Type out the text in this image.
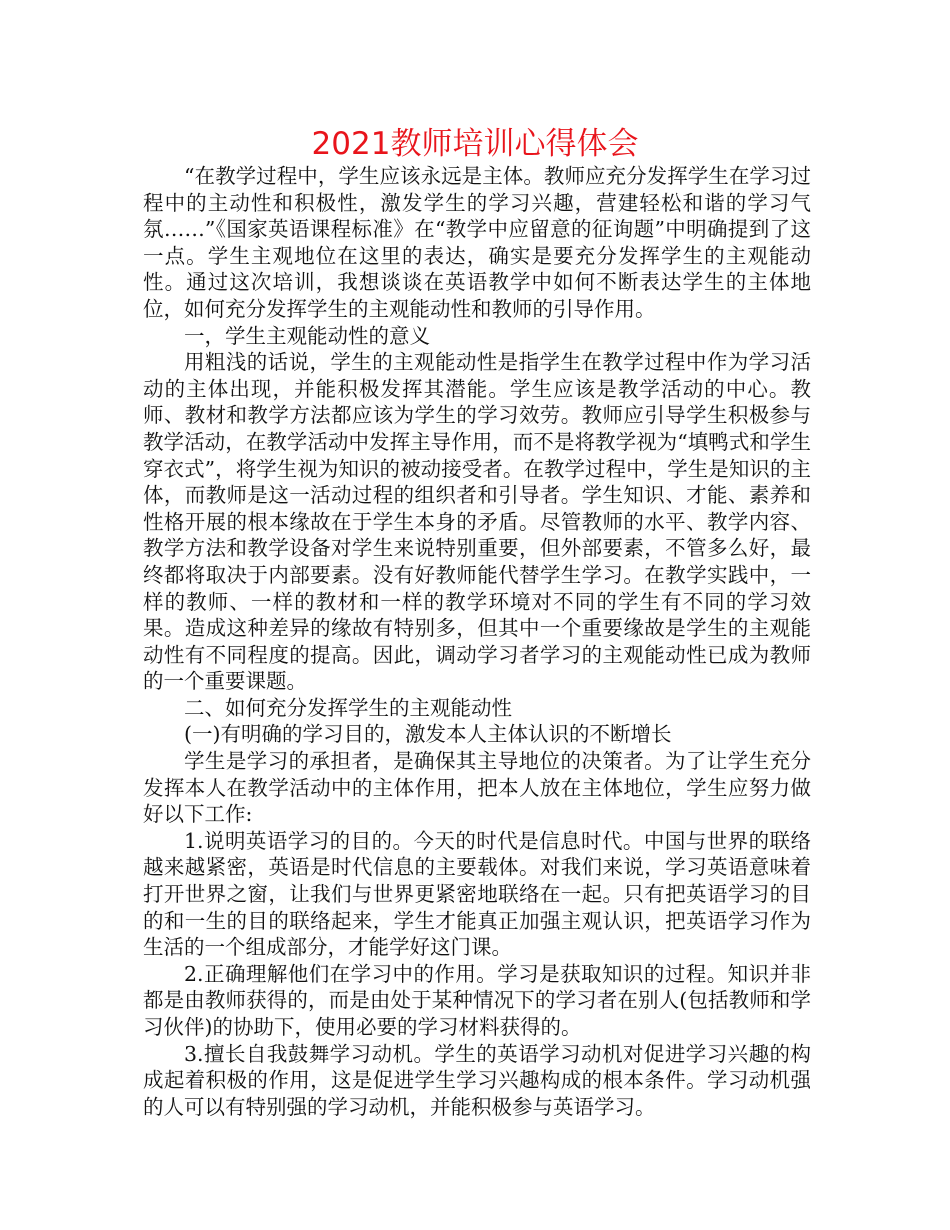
2021教师培训心得体会

“在教学过程中，学生应该永远是主体。教师应充分发挥学生在学习过程中的主动性和积极性，激发学生的学习兴趣，营建轻松和谐的学习气氛……”《国家英语课程标准》在“教学中应留意的征询题”中明确提到了这一点。学生主观地位在这里的表达，确实是要充分发挥学生的主观能动性。通过这次培训，我想谈谈在英语教学中如何不断表达学生的主体地位，如何充分发挥学生的主观能动性和教师的引导作用。

一，学生主观能动性的意义

用粗浅的话说，学生的主观能动性是指学生在教学过程中作为学习活动的主体出现，并能积极发挥其潜能。学生应该是教学活动的中心。教师、教材和教学方法都应该为学生的学习效劳。教师应引导学生积极参与教学活动，在教学活动中发挥主导作用，而不是将教学视为“填鸭式和学生穿衣式”，将学生视为知识的被动接受者。在教学过程中，学生是知识的主体，而教师是这一活动过程的组织者和引导者。学生知识、才能、素养和性格开展的根本缘故在于学生本身的矛盾。尽管教师的水平、教学内容、教学方法和教学设备对学生来说特别重要，但外部要素，不管多么好，最终都将取决于内部要素。没有好教师能代替学生学习。在教学实践中，一样的教师、一样的教材和一样的教学环境对不同的学生有不同的学习效果。造成这种差异的缘故有特别多，但其中一个重要缘故是学生的主观能动性有不同程度的提高。因此，调动学习者学习的主观能动性已成为教师的一个重要课题。

二、如何充分发挥学生的主观能动性

(一)有明确的学习目的，激发本人主体认识的不断增长

学生是学习的承担者，是确保其主导地位的决策者。为了让学生充分发挥本人在教学活动中的主体作用，把本人放在主体地位，学生应努力做好以下工作:

1.说明英语学习的目的。今天的时代是信息时代。中国与世界的联络越来越紧密，英语是时代信息的主要载体。对我们来说，学习英语意味着打开世界之窗，让我们与世界更紧密地联络在一起。只有把英语学习的目的和一生的目的联络起来，学生才能真正加强主观认识，把英语学习作为生活的一个组成部分，才能学好这门课。

2.正确理解他们在学习中的作用。学习是获取知识的过程。知识并非都是由教师获得的，而是由处于某种情况下的学习者在别人(包括教师和学习伙伴)的协助下，使用必要的学习材料获得的。

3.擅长自我鼓舞学习动机。学生的英语学习动机对促进学习兴趣的构成起着积极的作用，这是促进学生学习兴趣构成的根本条件。学习动机强的人可以有特别强的学习动机，并能积极参与英语学习。
